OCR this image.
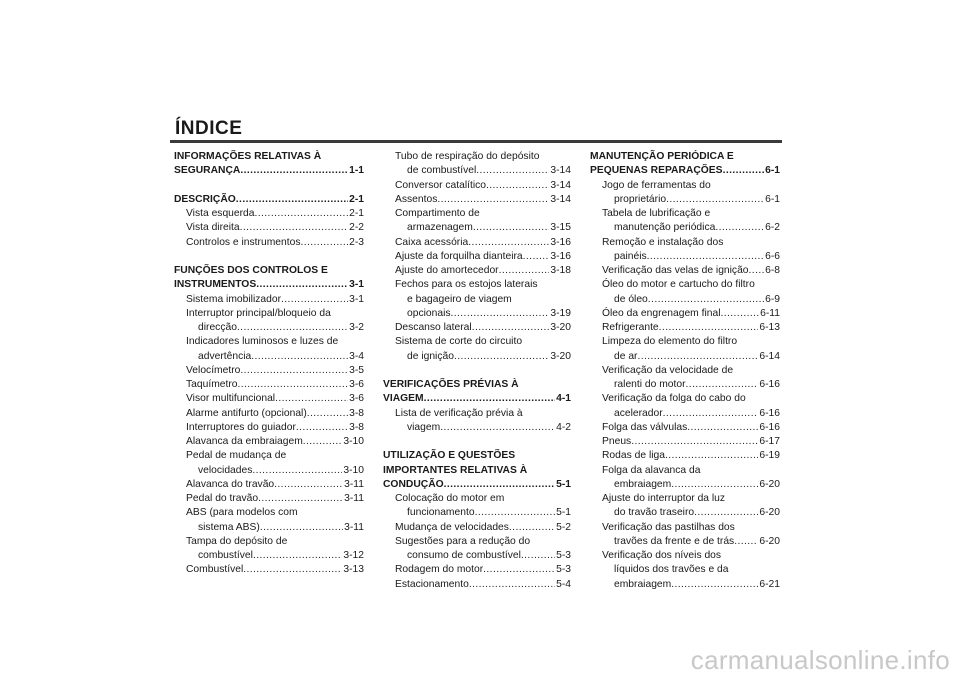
ÍNDICE
INFORMAÇÕES RELATIVAS À
SEGURANÇA .....	1-1
DESCRIÇÃO .....	2-1
Vista esquerda .....	2-1
Vista direita .....	2-2
Controlos e instrumentos .....	2-3
FUNÇÕES DOS CONTROLOS E
INSTRUMENTOS .....	3-1
Sistema imobilizador .....	3-1
Interruptor principal/bloqueio da
direcção .....	3-2
Indicadores luminosos e luzes de
advertência .....	3-4
Velocímetro .....	3-5
Taquímetro .....	3-6
Visor multifuncional .....	3-6
Alarme antifurto (opcional) .....	3-8
Interruptores do guiador .....	3-8
Alavanca da embraiagem .....	3-10
Pedal de mudança de
velocidades .....	3-10
Alavanca do travão .....	3-11
Pedal do travão .....	3-11
ABS (para modelos com
sistema ABS) .....	3-11
Tampa do depósito de
combustível .....	3-12
Combustível .....	3-13
Tubo de respiração do depósito
de combustível .....	3-14
Conversor catalítico .....	3-14
Assentos .....	3-14
Compartimento de
armazenagem .....	3-15
Caixa acessória .....	3-16
Ajuste da forquilha dianteira .....	3-16
Ajuste do amortecedor .....	3-18
Fechos para os estojos laterais
e bagageiro de viagem
opcionais .....	3-19
Descanso lateral .....	3-20
Sistema de corte do circuito
de ignição .....	3-20
VERIFICAÇÕES PRÉVIAS À
VIAGEM .....	4-1
Lista de verificação prévia à
viagem .....	4-2
UTILIZAÇÃO E QUESTÕES
IMPORTANTES RELATIVAS À
CONDUÇÃO .....	5-1
Colocação do motor em
funcionamento .....	5-1
Mudança de velocidades .....	5-2
Sugestões para a redução do
consumo de combustível .....	5-3
Rodagem do motor .....	5-3
Estacionamento .....	5-4
MANUTENÇÃO PERIÓDICA E
PEQUENAS REPARAÇÕES .....	6-1
Jogo de ferramentas do
proprietário .....	6-1
Tabela de lubrificação e
manutenção periódica .....	6-2
Remoção e instalação dos
painéis .....	6-6
Verificação das velas de ignição ..... 6-8
Óleo do motor e cartucho do filtro
de óleo .....	6-9
Óleo da engrenagem final .....	6-11
Refrigerante .....	6-13
Limpeza do elemento do filtro
de ar .....	6-14
Verificação da velocidade de
ralenti do motor .....	6-16
Verificação da folga do cabo do
acelerador .....	6-16
Folga das válvulas .....	6-16
Pneus .....	6-17
Rodas de liga .....	6-19
Folga da alavanca da
embraiagem .....	6-20
Ajuste do interruptor da luz
do travão traseiro .....	6-20
Verificação das pastilhas dos
travões da frente e de trás ..... 6-20
Verificação dos níveis dos
líquidos dos travões e da
embraiagem .....	6-21
carmanualsonline.info
